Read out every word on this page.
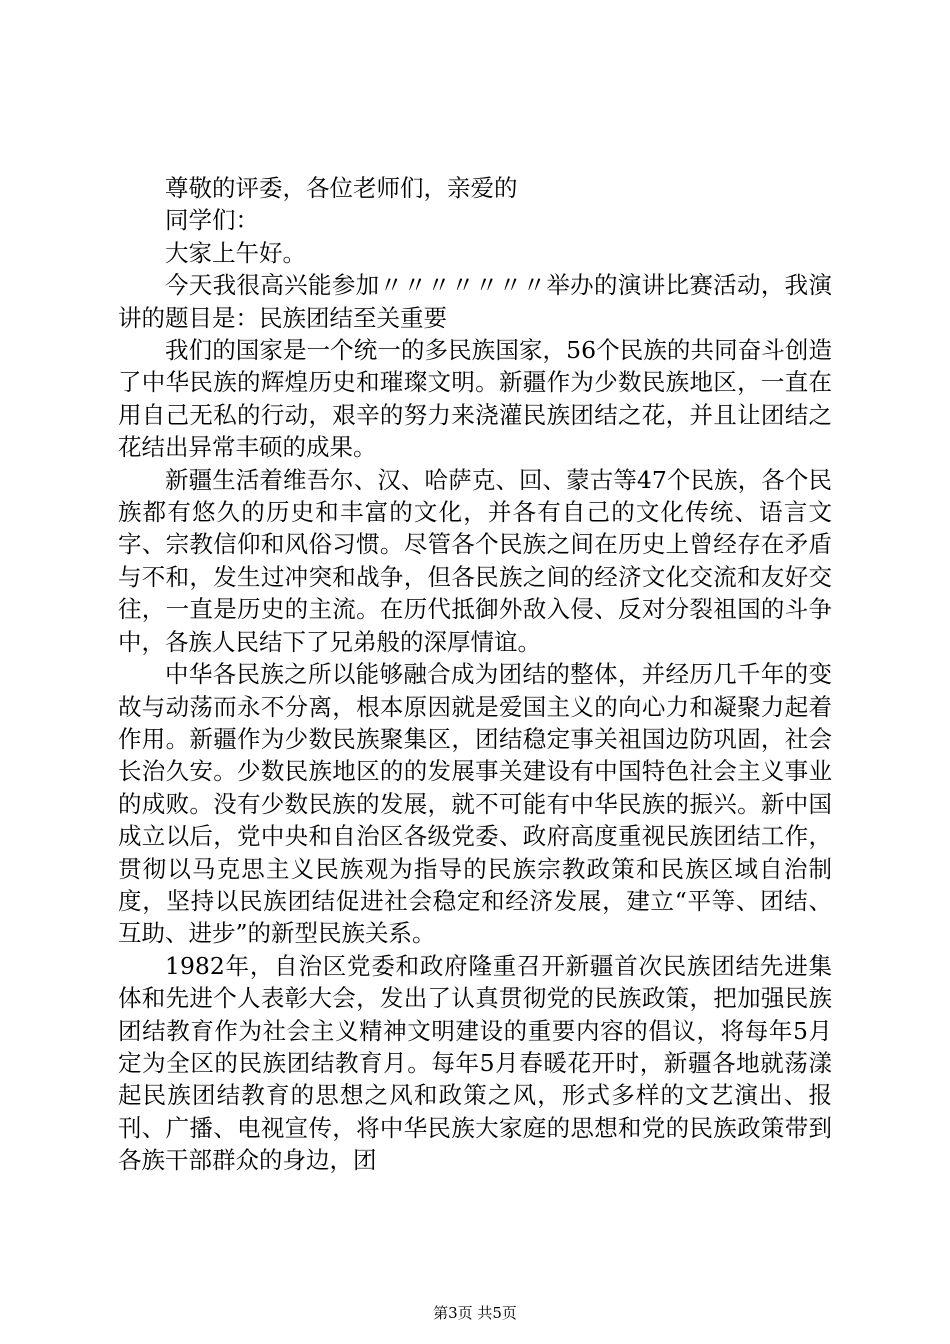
尊敬的评委，各位老师们，亲爱的

同学们：

大家上午好。

今天我很高兴能参加〃〃〃〃〃〃〃举办的演讲比赛活动，我演讲的题目是：民族团结至关重要

我们的国家是一个统一的多民族国家，56个民族的共同奋斗创造了中华民族的辉煌历史和璀璨文明。新疆作为少数民族地区，一直在用自己无私的行动，艰辛的努力来浇灌民族团结之花，并且让团结之花结出异常丰硕的成果。

新疆生活着维吾尔、汉、哈萨克、回、蒙古等47个民族，各个民族都有悠久的历史和丰富的文化，并各有自己的文化传统、语言文字、宗教信仰和风俗习惯。尽管各个民族之间在历史上曾经存在矛盾与不和，发生过冲突和战争，但各民族之间的经济文化交流和友好交往，一直是历史的主流。在历代抵御外敌入侵、反对分裂祖国的斗争中，各族人民结下了兄弟般的深厚情谊。

中华各民族之所以能够融合成为团结的整体，并经历几千年的变故与动荡而永不分离，根本原因就是爱国主义的向心力和凝聚力起着作用。新疆作为少数民族聚集区，团结稳定事关祖国边防巩固，社会长治久安。少数民族地区的的发展事关建设有中国特色社会主义事业的成败。没有少数民族的发展，就不可能有中华民族的振兴。新中国成立以后，党中央和自治区各级党委、政府高度重视民族团结工作，贯彻以马克思主义民族观为指导的民族宗教政策和民族区域自治制度，坚持以民族团结促进社会稳定和经济发展，建立“平等、团结、互助、进步”的新型民族关系。

1982年，自治区党委和政府隆重召开新疆首次民族团结先进集体和先进个人表彰大会，发出了认真贯彻党的民族政策，把加强民族团结教育作为社会主义精神文明建设的重要内容的倡议，将每年5月定为全区的民族团结教育月。每年5月春暖花开时，新疆各地就荡漾起民族团结教育的思想之风和政策之风，形式多样的文艺演出、报刊、广播、电视宣传，将中华民族大家庭的思想和党的民族政策带到各族干部群众的身边，团

第3页 共5页
